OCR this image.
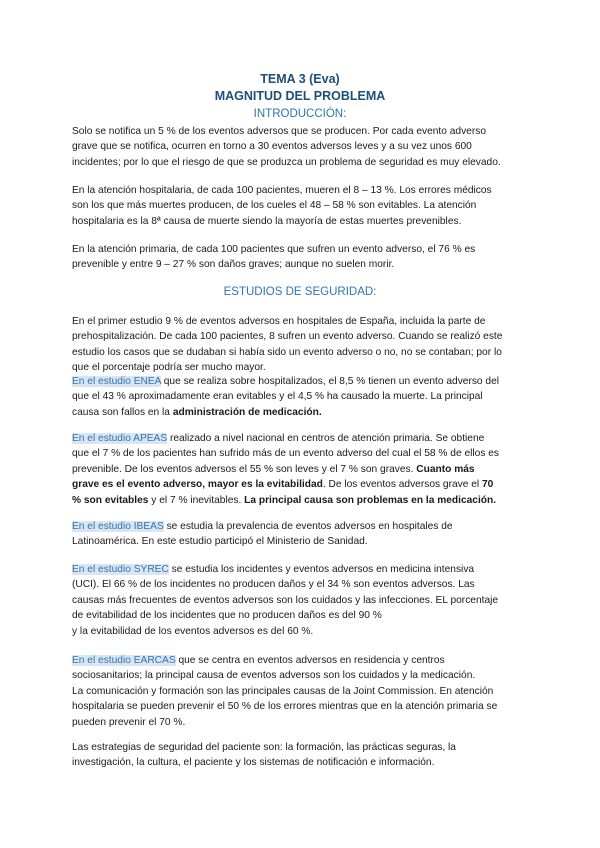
TEMA 3 (Eva)
MAGNITUD DEL PROBLEMA
INTRODUCCIÓN:
Solo se notifica un 5 % de los eventos adversos que se producen. Por cada evento adverso grave que se notifica, ocurren en torno a 30 eventos adversos leves y a su vez unos 600 incidentes; por lo que el riesgo de que se produzca un problema de seguridad es muy elevado.
En la atención hospitalaria, de cada 100 pacientes, mueren el 8 – 13 %. Los errores médicos son los que más muertes producen, de los cueles el 48 – 58 % son evitables. La atención hospitalaria es la 8ª causa de muerte siendo la mayoría de estas muertes prevenibles.
En la atención primaria, de cada 100 pacientes que sufren un evento adverso, el 76 % es prevenible y entre 9 – 27 % son daños graves; aunque no suelen morir.
ESTUDIOS DE SEGURIDAD:
En el primer estudio 9 % de eventos adversos en hospitales de España, incluida la parte de prehospitalización. De cada 100 pacientes, 8 sufren un evento adverso. Cuando se realizó este estudio los casos que se dudaban si había sido un evento adverso o no, no se contaban; por lo que el porcentaje podría ser mucho mayor.
En el estudio ENEA que se realiza sobre hospitalizados, el 8,5 % tienen un evento adverso del que el 43 % aproximadamente eran evitables y el 4,5 % ha causado la muerte. La principal causa son fallos en la administración de medicación.
En el estudio APEAS realizado a nivel nacional en centros de atención primaria. Se obtiene que el 7 % de los pacientes han sufrido más de un evento adverso del cual el 58 % de ellos es prevenible. De los eventos adversos el 55 % son leves y el 7 % son graves. Cuanto más grave es el evento adverso, mayor es la evitabilidad. De los eventos adversos grave el 70 % son evitables y el 7 % inevitables. La principal causa son problemas en la medicación.
En el estudio IBEAS se estudia la prevalencia de eventos adversos en hospitales de Latinoamérica. En este estudio participó el Ministerio de Sanidad.
En el estudio SYREC se estudia los incidentes y eventos adversos en medicina intensiva (UCI). El 66 % de los incidentes no producen daños y el 34 % son eventos adversos. Las causas más frecuentes de eventos adversos son los cuidados y las infecciones. EL porcentaje de evitabilidad de los incidentes que no producen daños es del 90 %
y la evitabilidad de los eventos adversos es del 60 %.
En el estudio EARCAS que se centra en eventos adversos en residencia y centros sociosanitarios; la principal causa de eventos adversos son los cuidados y la medicación.
La comunicación y formación son las principales causas de la Joint Commission. En atención hospitalaria se pueden prevenir el 50 % de los errores mientras que en la atención primaria se pueden prevenir el 70 %.
Las estrategias de seguridad del paciente son: la formación, las prácticas seguras, la investigación, la cultura, el paciente y los sistemas de notificación e información.
